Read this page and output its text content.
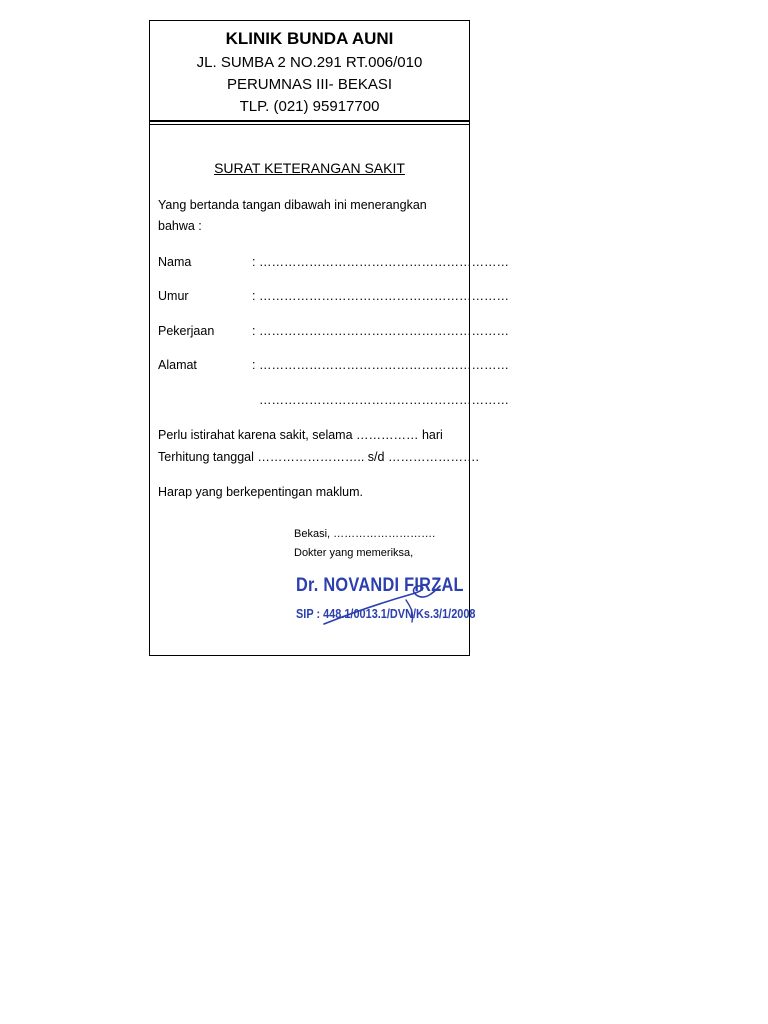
KLINIK BUNDA AUNI
JL. SUMBA 2 NO.291 RT.006/010
PERUMNAS III- BEKASI
TLP. (021) 95917700
SURAT KETERANGAN SAKIT
Yang bertanda tangan dibawah ini menerangkan
bahwa :
Nama	: ……………………………………………………
Umur	: ……………………………………………………
Pekerjaan	: ……………………………………………………
Alamat	: ……………………………………………………
……………………………………………………
Perlu istirahat karena sakit, selama …………… hari
Terhitung tanggal …………………….. s/d ………………….
Harap yang berkepentingan maklum.
Bekasi, ……………………….
Dokter yang memeriksa,
Dr. NOVANDI FIRZAL
SIP : 448.1/0013.1/DVN/Ks.3/1/2008
